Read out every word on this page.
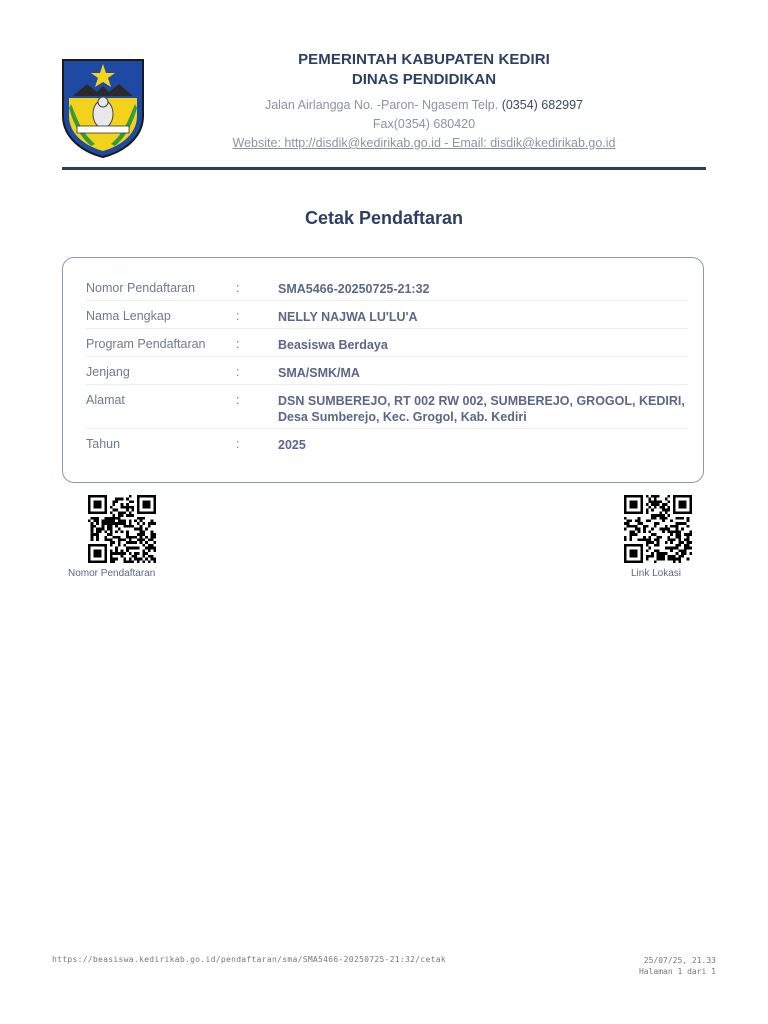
PEMERINTAH KABUPATEN KEDIRI
DINAS PENDIDIKAN
Jalan Airlangga No. -Paron- Ngasem Telp. (0354) 682997
Fax(0354) 680420
Website: http://disdik@kedirikab.go.id - Email: disdik@kedirikab.go.id
Cetak Pendaftaran
Nomor Pendaftaran	:	SMA5466-20250725-21:32
Nama Lengkap	:	NELLY NAJWA LU'LU'A
Program Pendaftaran	:	Beasiswa Berdaya
Jenjang	:	SMA/SMK/MA
Alamat	:	DSN SUMBEREJO, RT 002 RW 002, SUMBEREJO, GROGOL, KEDIRI, Desa Sumberejo, Kec. Grogol, Kab. Kediri
Tahun	:	2025
Nomor Pendaftaran	Link Lokasi
https://beasiswa.kedirikab.go.id/pendaftaran/sma/SMA5466-20250725-21:32/cetak	25/07/25, 21.33
Halaman 1 dari 1
